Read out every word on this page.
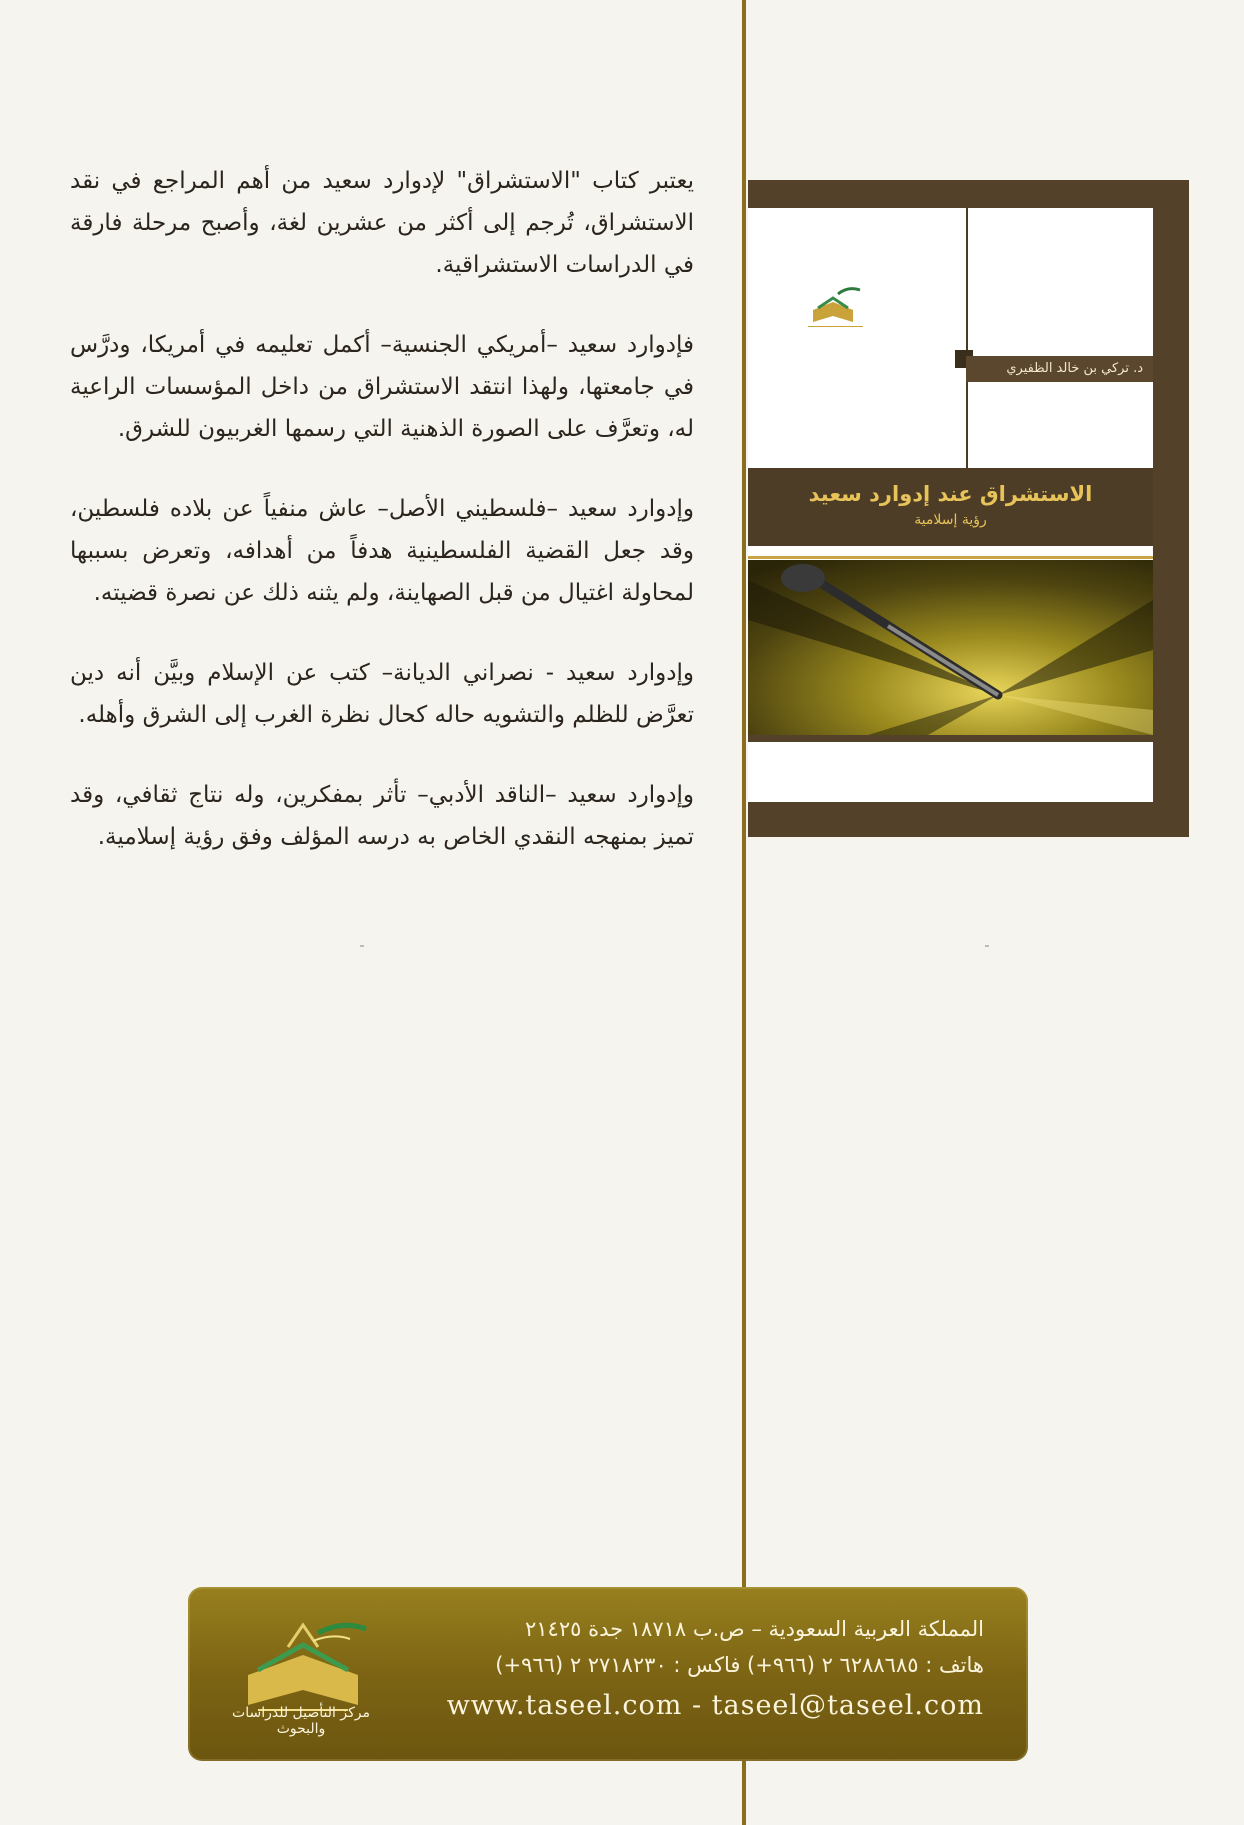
يعتبر كتاب "الاستشراق" لإدوارد سعيد من أهم المراجع في نقد الاستشراق، تُرجم إلى أكثر من عشرين لغة، وأصبح مرحلة فارقة في الدراسات الاستشراقية.

فإدوارد سعيد –أمريكي الجنسية– أكمل تعليمه في أمريكا، ودرَّس في جامعتها، ولهذا انتقد الاستشراق من داخل المؤسسات الراعية له، وتعرَّف على الصورة الذهنية التي رسمها الغربيون للشرق.

وإدوارد سعيد –فلسطيني الأصل– عاش منفياً عن بلاده فلسطين، وقد جعل القضية الفلسطينية هدفاً من أهدافه، وتعرض بسببها لمحاولة اغتيال من قبل الصهاينة، ولم يثنه ذلك عن نصرة قضيته.

وإدوارد سعيد - نصراني الديانة– كتب عن الإسلام وبيَّن أنه دين تعرَّض للظلم والتشويه حاله كحال نظرة الغرب إلى الشرق وأهله.

وإدوارد سعيد –الناقد الأدبي– تأثر بمفكرين، وله نتاج ثقافي، وقد تميز بمنهجه النقدي الخاص به درسه المؤلف وفق رؤية إسلامية.

د. تركي بن خالد الظفيري
الاستشراق عند إدوارد سعيد
رؤية إسلامية
مركز التأصيل للدراسات والبحوث
المملكة العربية السعودية – ص.ب ١٨٧١٨ جدة ٢١٤٢٥
هاتف : ٦٢٨٨٦٨٥ ٢ (٩٦٦+) فاكس : ٢٧١٨٢٣٠ ٢ (٩٦٦+)
www.taseel.com - taseel@taseel.com
